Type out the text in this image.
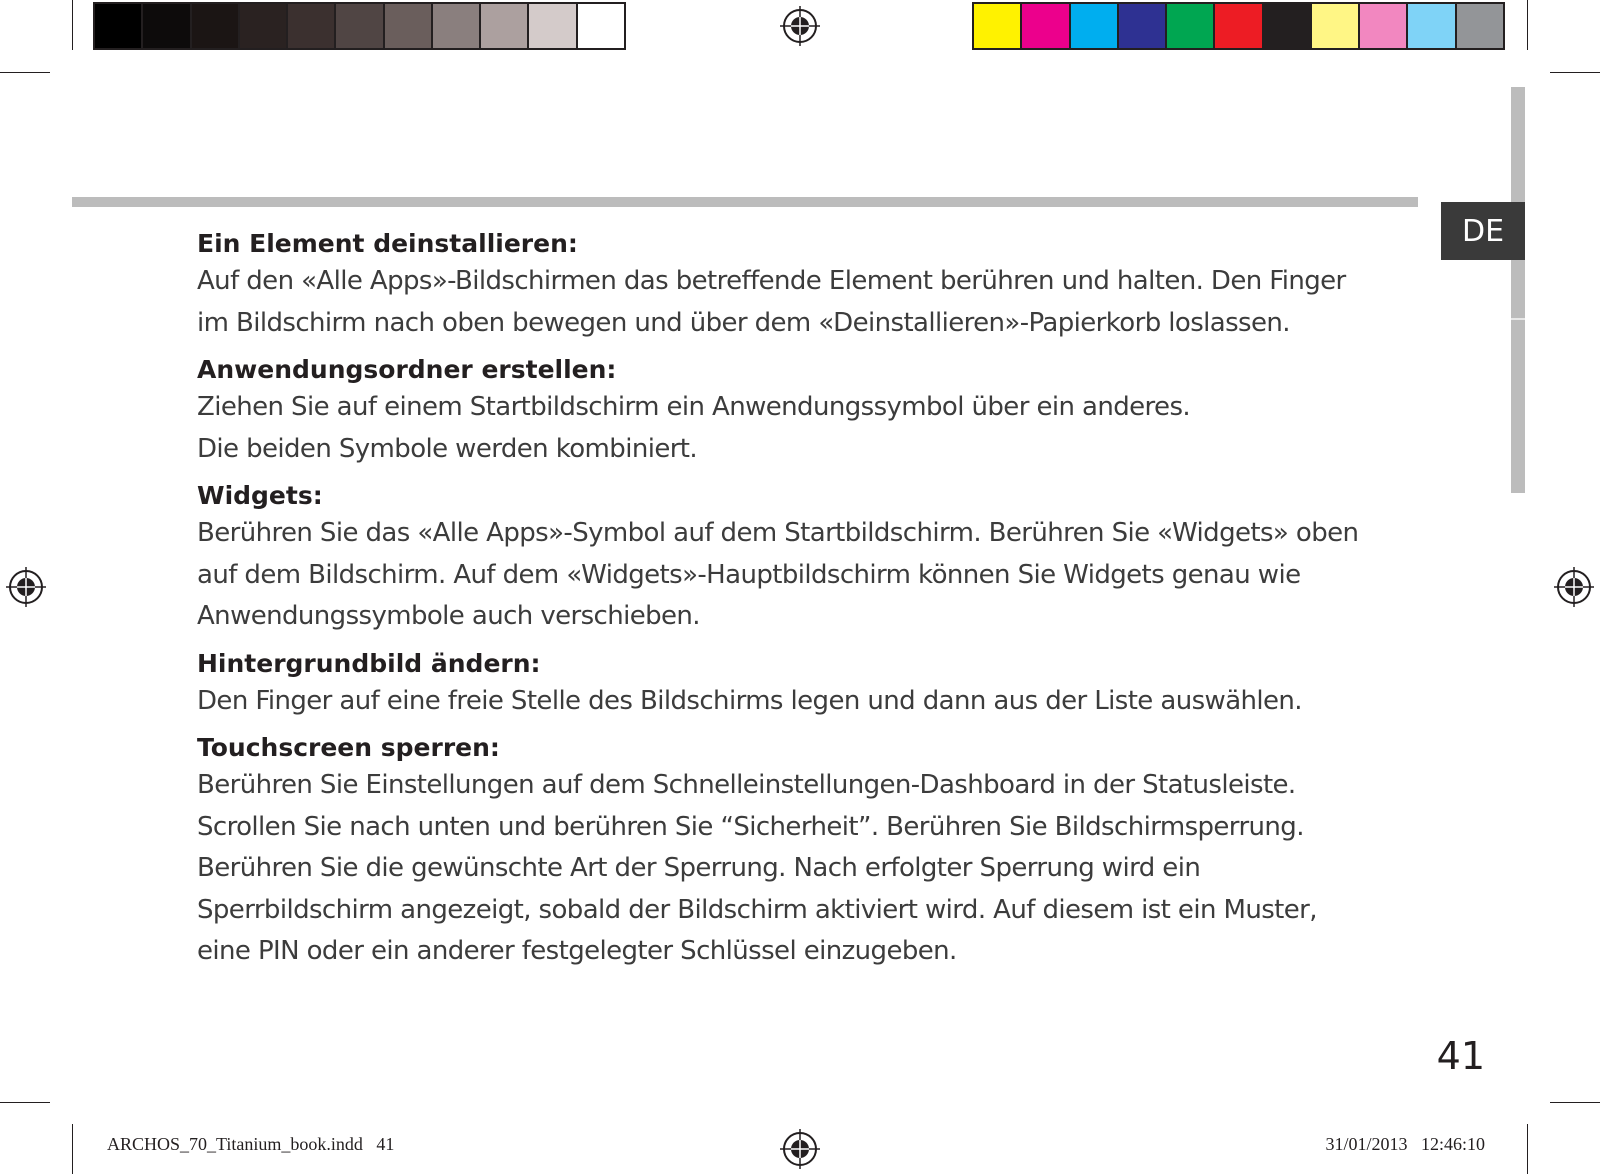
DE
Ein Element deinstallieren:

Auf den «Alle Apps»-Bildschirmen das betreffende Element berühren und halten. Den Finger

im Bildschirm nach oben bewegen und über dem «Deinstallieren»-Papierkorb loslassen.

Anwendungsordner erstellen:

Ziehen Sie auf einem Startbildschirm ein Anwendungssymbol über ein anderes.

Die beiden Symbole werden kombiniert.

Widgets:

Berühren Sie das «Alle Apps»-Symbol auf dem Startbildschirm. Berühren Sie «Widgets» oben

auf dem Bildschirm. Auf dem «Widgets»-Hauptbildschirm können Sie Widgets genau wie

Anwendungssymbole auch verschieben.

Hintergrundbild ändern:

Den Finger auf eine freie Stelle des Bildschirms legen und dann aus der Liste auswählen.

Touchscreen sperren:

Berühren Sie Einstellungen auf dem Schnelleinstellungen-Dashboard in der Statusleiste.

Scrollen Sie nach unten und berühren Sie “Sicherheit”. Berühren Sie Bildschirmsperrung.

Berühren Sie die gewünschte Art der Sperrung. Nach erfolgter Sperrung wird ein

Sperrbildschirm angezeigt, sobald der Bildschirm aktiviert wird. Auf diesem ist ein Muster,

eine PIN oder ein anderer festgelegter Schlüssel einzugeben.

41
ARCHOS_70_Titanium_book.indd   41	31/01/2013   12:46:10
